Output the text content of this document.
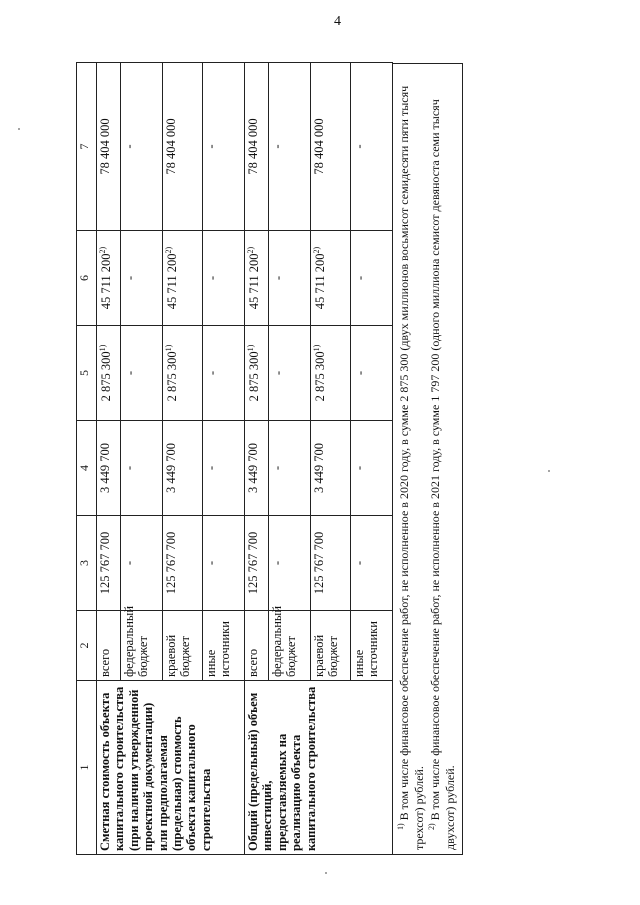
4
1	2	3	4	5	6	7
Сметная стоимость объекта капитального строительства (при наличии утвержденной проектной документации) или предполагаемая (предельная) стоимость объекта капитального строительства	всего	125 767 700	3 449 700	2 875 300$^{1)}$	45 711 200$^{2)}$	78 404 000
	федеральный бюджет	-	-	-	-	-
	краевой бюджет	125 767 700	3 449 700	2 875 300$^{1)}$	45 711 200$^{2)}$	78 404 000
	иные источники	-	-	-	-	-
Общий (предельный) объем инвестиций, предоставляемых на реализацию объекта капитального строительства	всего	125 767 700	3 449 700	2 875 300$^{1)}$	45 711 200$^{2)}$	78 404 000
	федеральный бюджет	-	-	-	-	-
	краевой бюджет	125 767 700	3 449 700	2 875 300$^{1)}$	45 711 200$^{2)}$	78 404 000
	иные источники	-	-	-	-	-

$^{1)}$ В том числе финансовое обеспечение работ, не исполненное в 2020 году, в сумме 2 875 300 (двух миллионов восьмисот семидесяти пяти тысяч трехсот) рублей. $^{2)}$ В том числе финансовое обеспечение работ, не исполненное в 2021 году, в сумме 1 797 200 (одного миллиона семисот девяноста семи тысяч двухсот) рублей.
